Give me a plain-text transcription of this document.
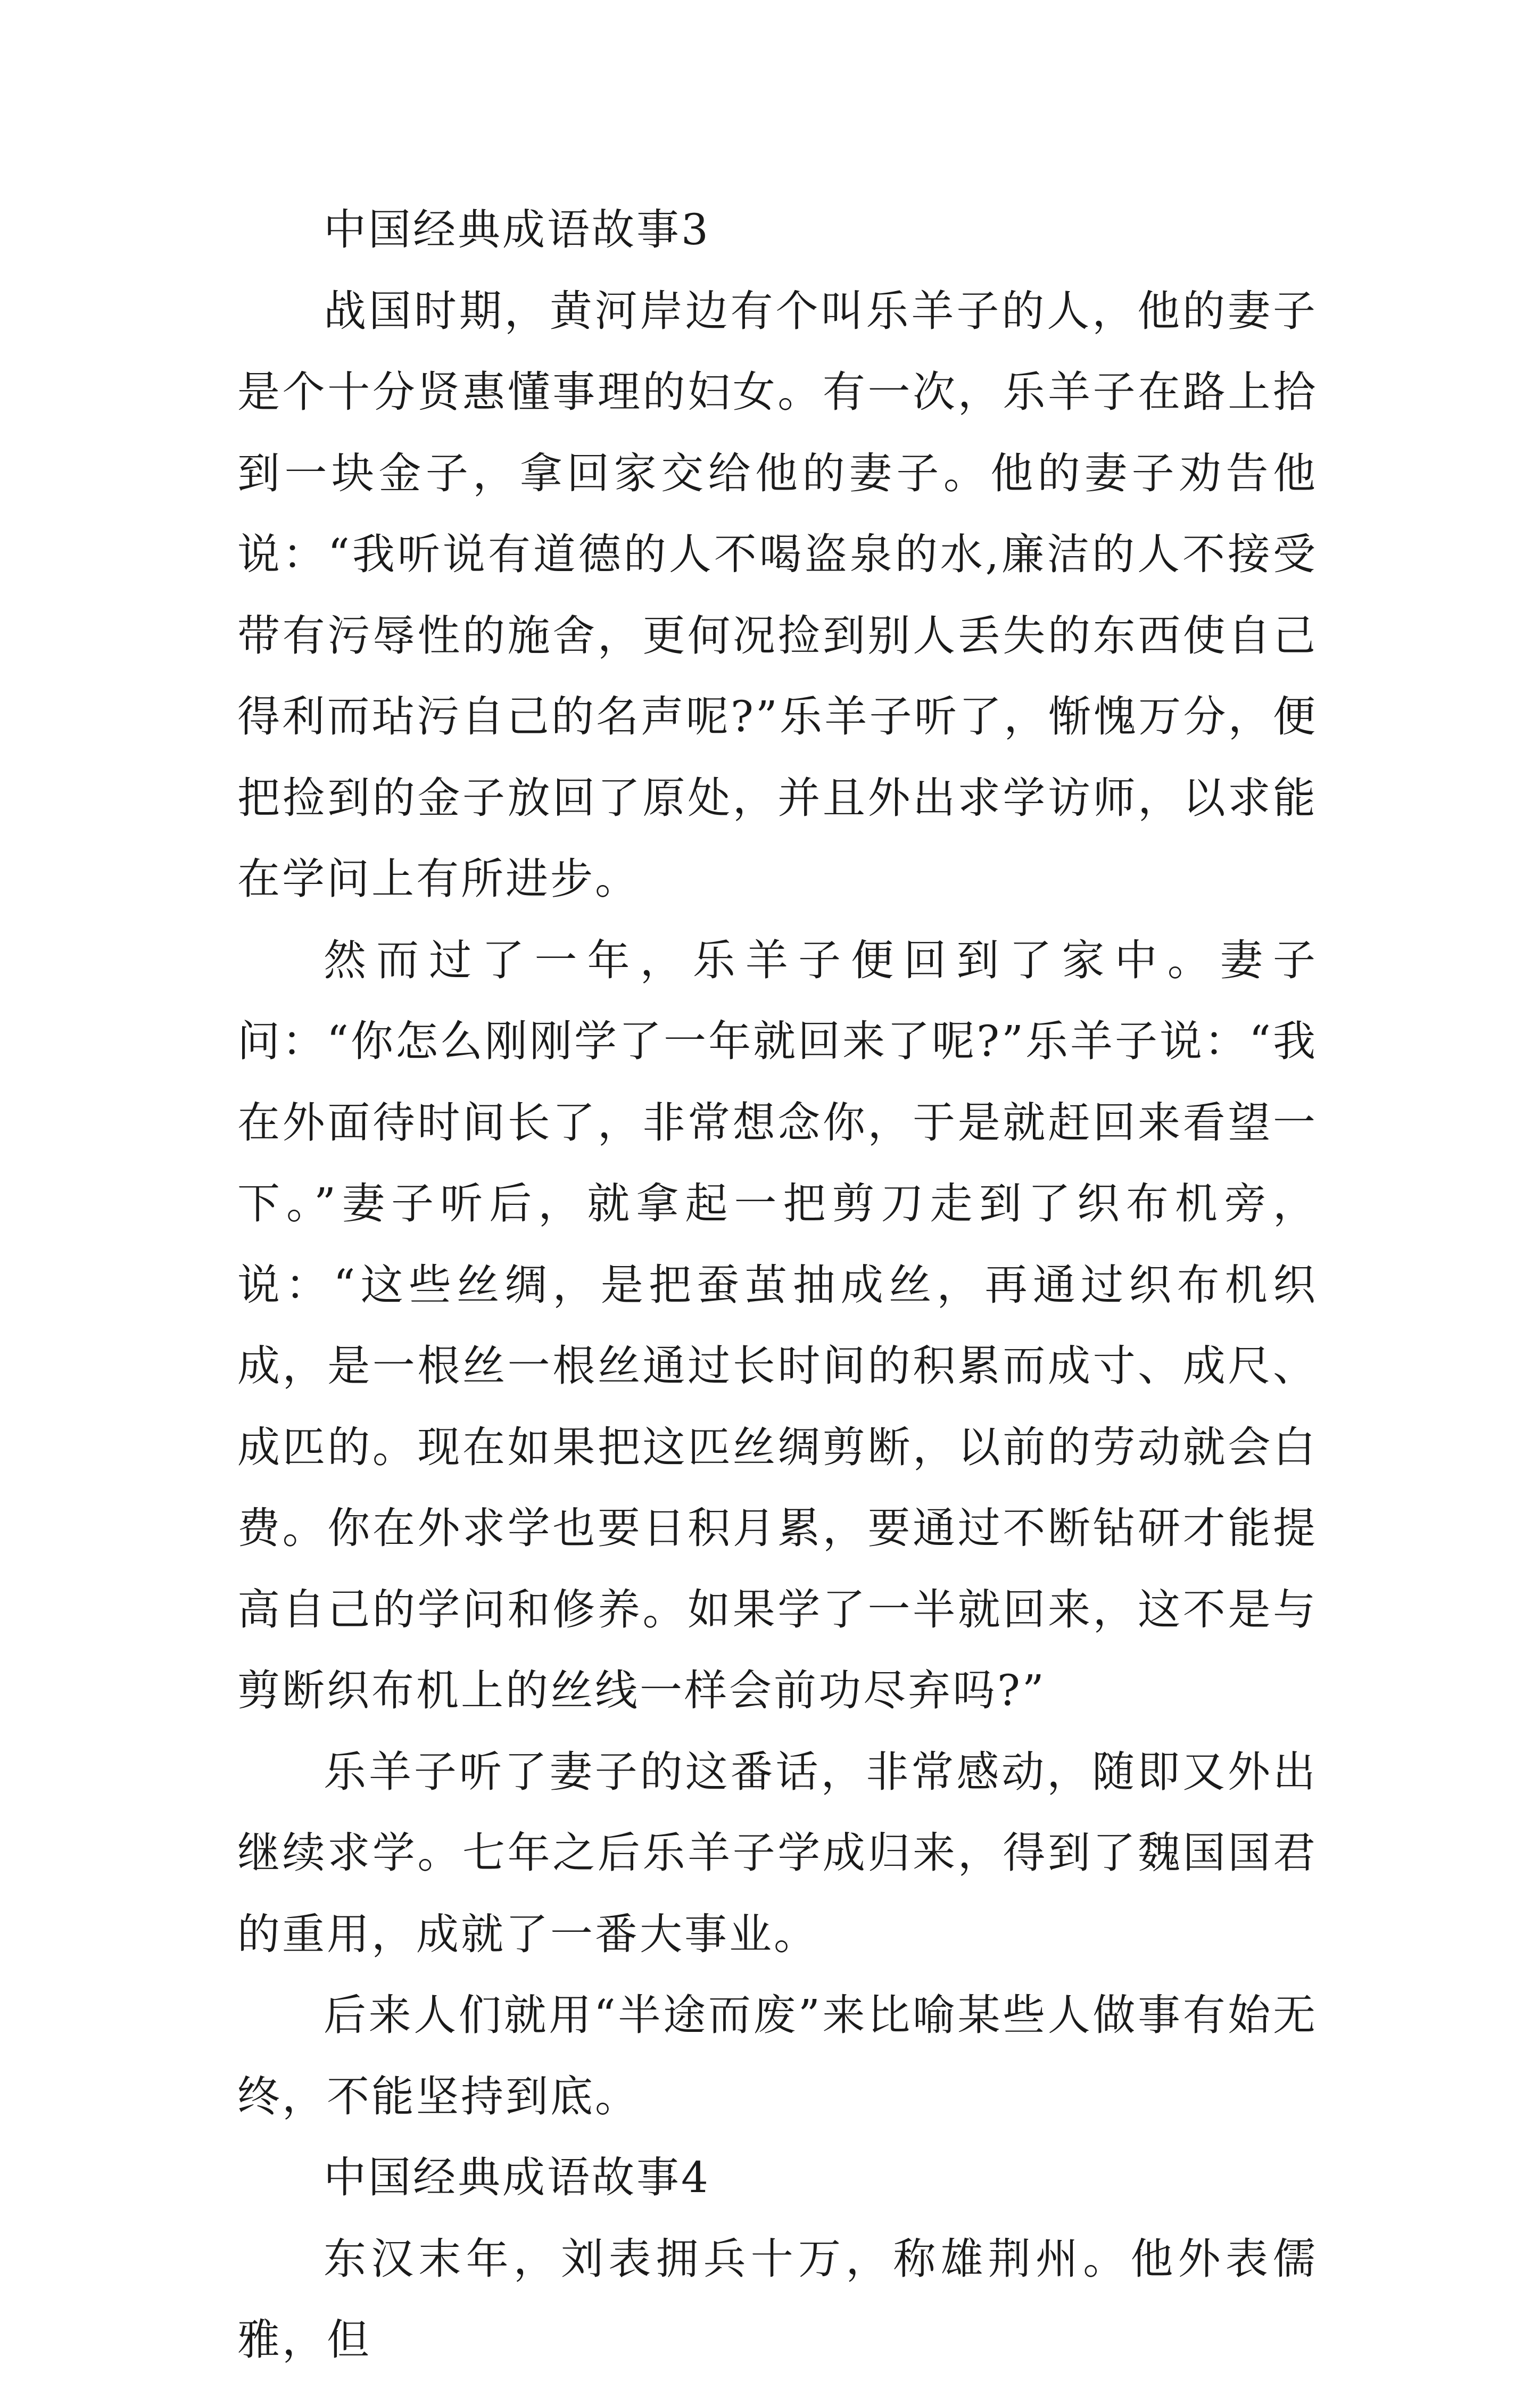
中国经典成语故事3

战国时期，黄河岸边有个叫乐羊子的人，他的妻子是个十分贤惠懂事理的妇女。有一次，乐羊子在路上拾到一块金子，拿回家交给他的妻子。他的妻子劝告他说：“我听说有道德的人不喝盗泉的水,廉洁的人不接受带有污辱性的施舍，更何况捡到别人丢失的东西使自己得利而玷污自己的名声呢?”乐羊子听了，惭愧万分，便把捡到的金子放回了原处，并且外出求学访师，以求能在学问上有所进步。

然而过了一年，乐羊子便回到了家中。妻子问：“你怎么刚刚学了一年就回来了呢?”乐羊子说：“我在外面待时间长了，非常想念你，于是就赶回来看望一下。”妻子听后，就拿起一把剪刀走到了织布机旁，说：“这些丝绸，是把蚕茧抽成丝，再通过织布机织成，是一根丝一根丝通过长时间的积累而成寸、成尺、成匹的。现在如果把这匹丝绸剪断，以前的劳动就会白费。你在外求学也要日积月累，要通过不断钻研才能提高自己的学问和修养。如果学了一半就回来，这不是与剪断织布机上的丝线一样会前功尽弃吗?”

乐羊子听了妻子的这番话，非常感动，随即又外出继续求学。七年之后乐羊子学成归来，得到了魏国国君的重用，成就了一番大事业。

后来人们就用“半途而废”来比喻某些人做事有始无终，不能坚持到底。

中国经典成语故事4

东汉末年，刘表拥兵十万，称雄荆州。他外表儒雅，但
